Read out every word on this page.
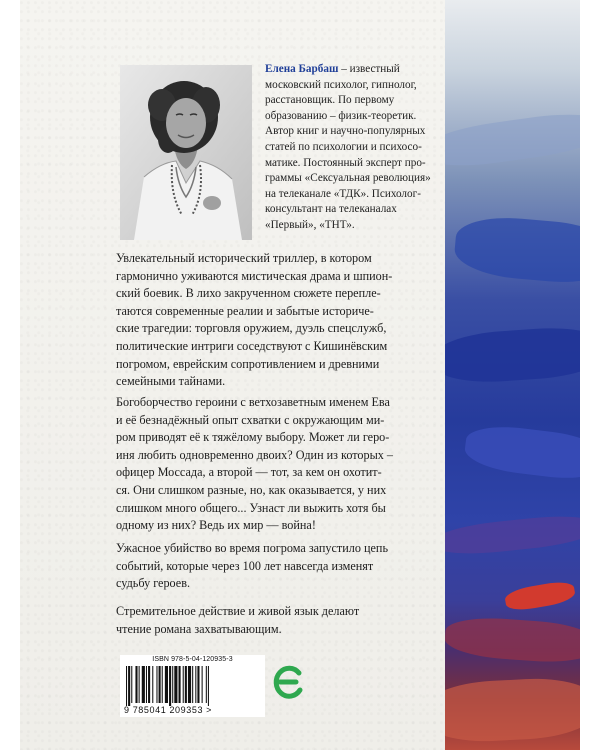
Елена Барбаш – известный
московский психолог, гипнолог,
расстановщик. По первому
образованию – физик-теоретик.
Автор книг и научно-популярных
статей по психологии и психосо-
матике. Постоянный эксперт про-
граммы «Сексуальная революция»
на телеканале «ТДК». Психолог-
консультант на телеканалах
«Первый», «ТНТ».

Увлекательный исторический триллер, в котором
гармонично уживаются мистическая драма и шпион-
ский боевик. В лихо закрученном сюжете перепле-
таются современные реалии и забытые историче-
ские трагедии: торговля оружием, дуэль спецслужб,
политические интриги соседствуют с Кишинёвским
погромом, еврейским сопротивлением и древними
семейными тайнами.

Богоборчество героини с ветхозаветным именем Ева
и её безнадёжный опыт схватки с окружающим ми-
ром приводят её к тяжёлому выбору. Может ли геро-
иня любить одновременно двоих? Один из которых –
офицер Моссада, а второй — тот, за кем он охотит-
ся. Они слишком разные, но, как оказывается, у них
слишком много общего... Узнаст ли выжить хотя бы
одному из них? Ведь их мир — война!

Ужасное убийство во время погрома запустило цепь
событий, которые через 100 лет навсегда изменят
судьбу героев.

Стремительное действие и живой язык делают
чтение романа захватывающим.

ISBN 978-5-04-120935-3
9 785041 209353 >
